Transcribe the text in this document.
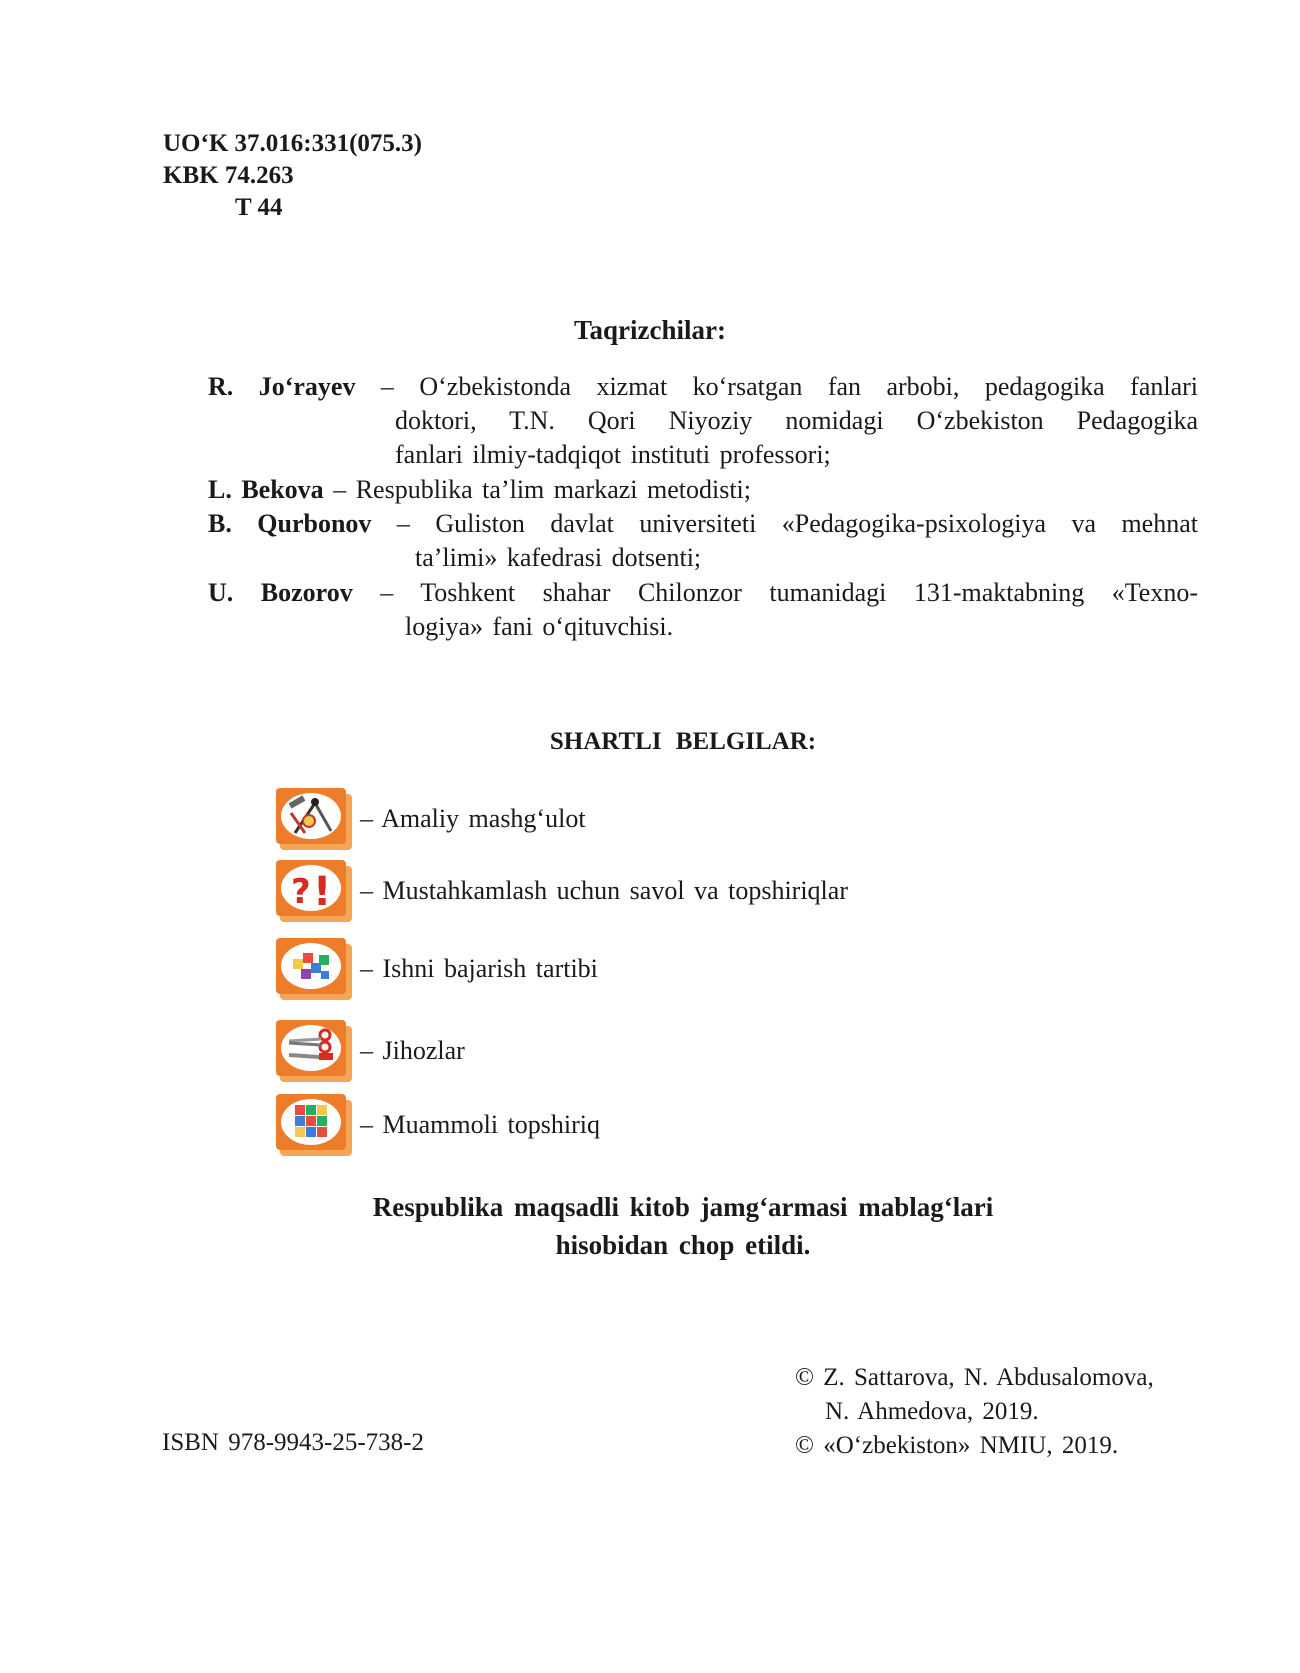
UO‘K 37.016:331(075.3)
KBK 74.263
T 44
Taqrizchilar:
R. Jo‘rayev – O‘zbekistonda xizmat ko‘rsatgan fan arbobi, pedagogika fanlari
doktori, T.N. Qori Niyoziy nomidagi O‘zbekiston Pedagogika
fanlari ilmiy-tadqiqot instituti professori;
L. Bekova – Respublika ta’lim markazi metodisti;
B. Qurbonov – Guliston davlat universiteti «Pedagogika-psixologiya va mehnat
ta’limi» kafedrasi dotsenti;
U. Bozorov – Toshkent shahar Chilonzor tumanidagi 131-maktabning «Texno-
logiya» fani o‘qituvchisi.
SHARTLI BELGILAR:
– Amaliy mashg‘ulot
? ! – Mustahkamlash uchun savol va topshiriqlar
– Ishni bajarish tartibi
– Jihozlar
– Muammoli topshiriq
Respublika maqsadli kitob jamg‘armasi mablag‘lari
hisobidan chop etildi.
© Z. Sattarova, N. Abdusalomova,
N. Ahmedova, 2019.
© «O‘zbekiston» NMIU, 2019.
ISBN 978-9943-25-738-2
